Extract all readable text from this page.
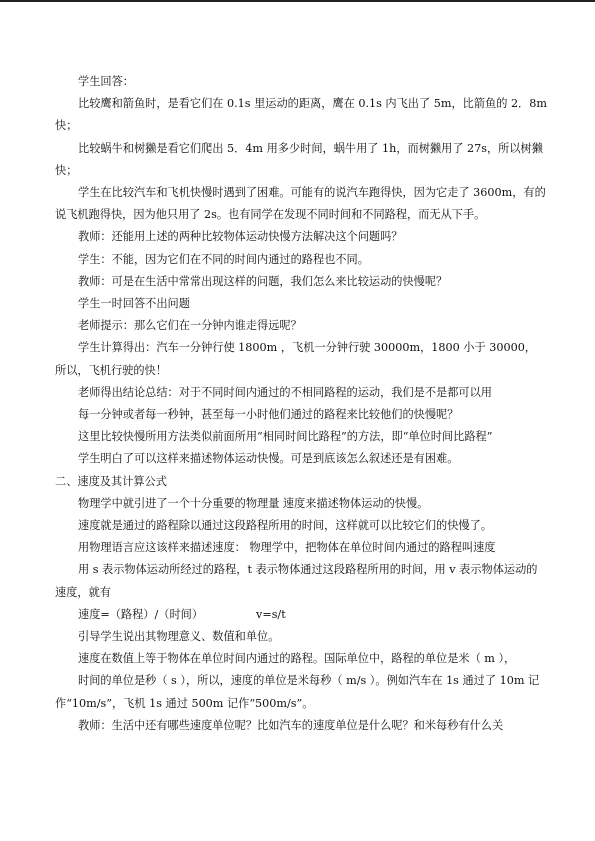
学生回答：

比较鹰和箭鱼时，是看它们在 0.1s 里运动的距离，鹰在 0.1s 内飞出了 5m，比箭鱼的 2．8m 快；

比较蜗牛和树獭是看它们爬出 5．4m 用多少时间，蜗牛用了 1h，而树獭用了 27s，所以树獭快；

学生在比较汽车和飞机快慢时遇到了困难。可能有的说汽车跑得快，因为它走了 3600m，有的说飞机跑得快，因为他只用了 2s。也有同学在发现不同时间和不同路程，而无从下手。

教师：还能用上述的两种比较物体运动快慢方法解决这个问题吗？

学生：不能，因为它们在不同的时间内通过的路程也不同。

教师：可是在生活中常常出现这样的问题，我们怎么来比较运动的快慢呢？

学生一时回答不出问题

老师提示：那么它们在一分钟内谁走得远呢？

学生计算得出：汽车一分钟行使 1800m ，飞机一分钟行驶 30000m，1800 小于 30000，所以，飞机行驶的快！

老师得出结论总结：对于不同时间内通过的不相同路程的运动，我们是不是都可以用

每一分钟或者每一秒钟，甚至每一小时他们通过的路程来比较他们的快慢呢？

这里比较快慢所用方法类似前面所用“相同时间比路程”的方法，即“单位时间比路程”

学生明白了可以这样来描述物体运动快慢。可是到底该怎么叙述还是有困难。

二、速度及其计算公式

物理学中就引进了一个十分重要的物理量 速度来描述物体运动的快慢。

速度就是通过的路程除以通过这段路程所用的时间，这样就可以比较它们的快慢了。

用物理语言应这该样来描述速度： 物理学中，把物体在单位时间内通过的路程叫速度

用 s 表示物体运动所经过的路程，t 表示物体通过这段路程所用的时间，用 v 表示物体运动的速度，就有

速度=（路程）/（时间）	v=s/t

引导学生说出其物理意义、数值和单位。

速度在数值上等于物体在单位时间内通过的路程。国际单位中，路程的单位是米（ m ），

时间的单位是秒（ s ），所以，速度的单位是米每秒（ m/s ）。例如汽车在 1s 通过了 10m 记作“10m/s”，飞机 1s 通过 500m 记作“500m/s”。

教师：生活中还有哪些速度单位呢？比如汽车的速度单位是什么呢？和米每秒有什么关
